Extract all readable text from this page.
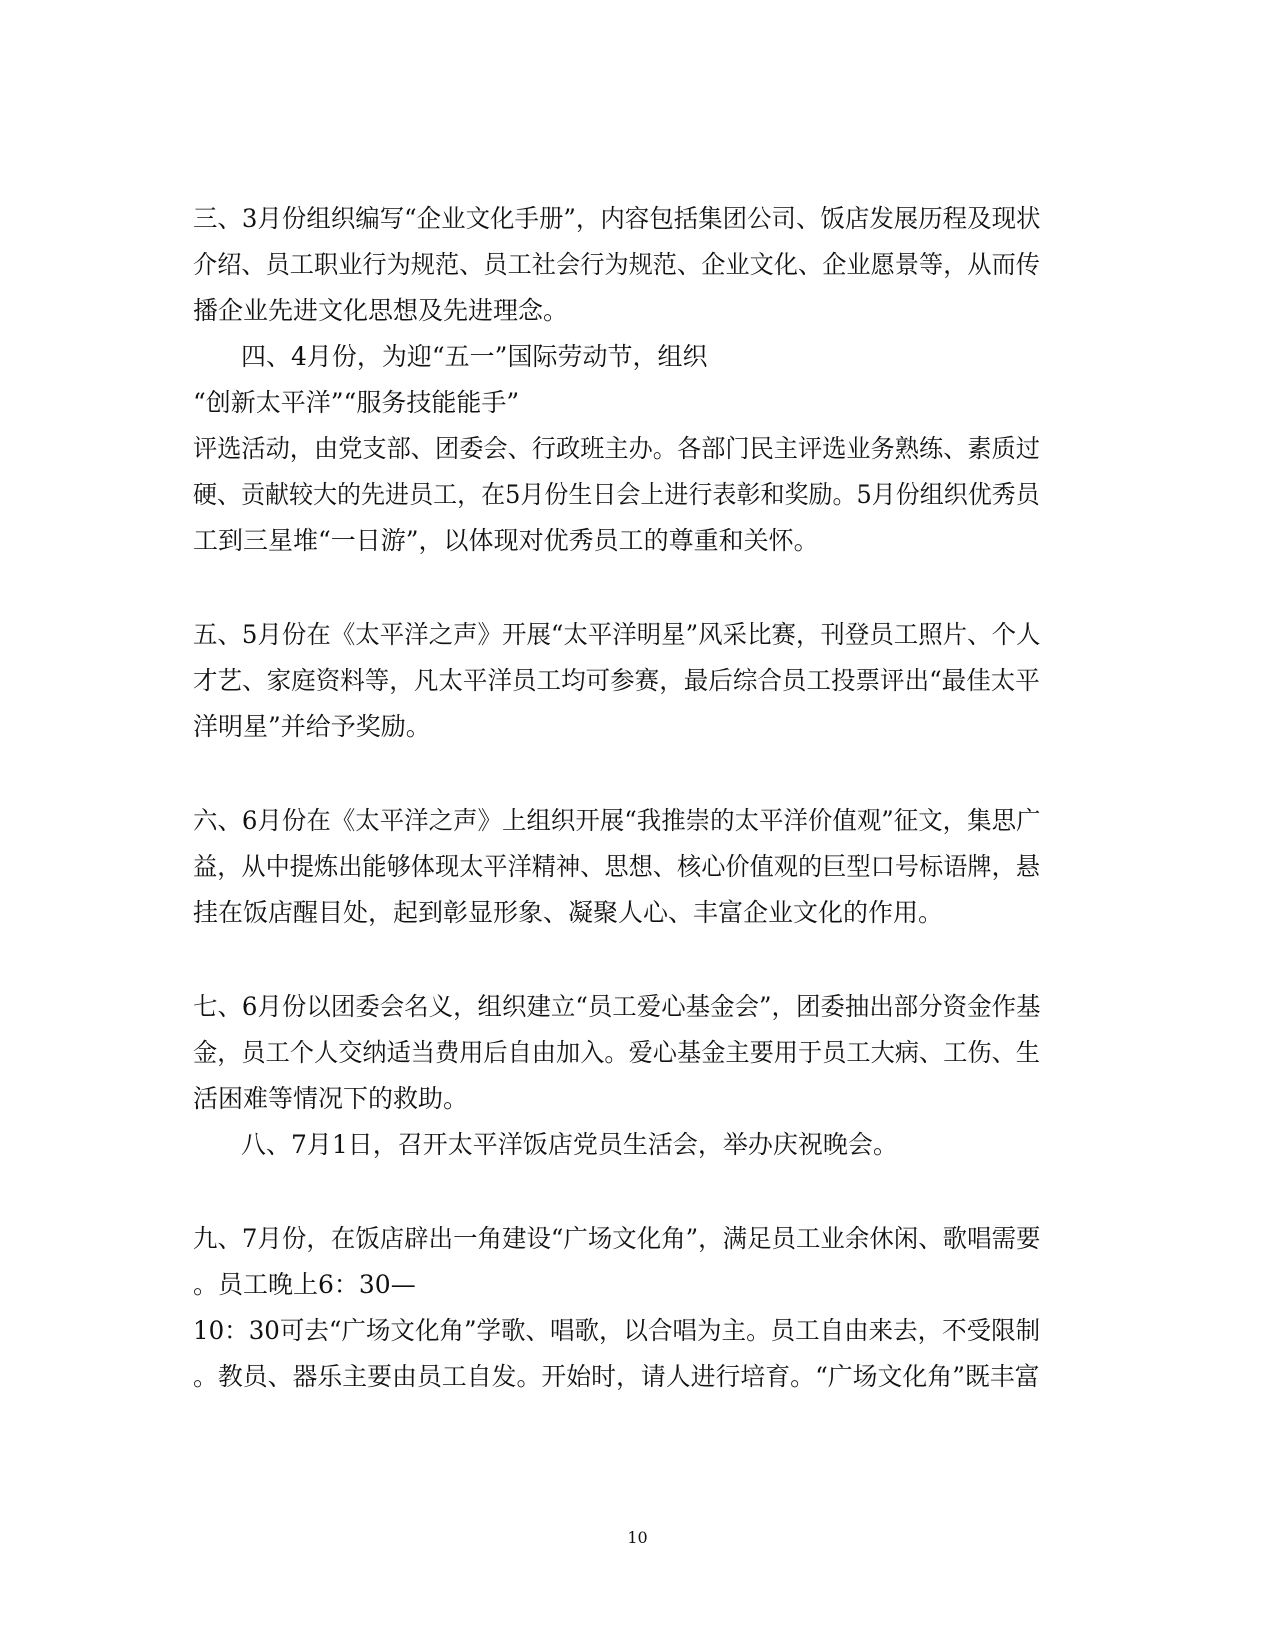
三、3月份组织编写“企业文化手册”，内容包括集团公司、饭店发展历程及现状
介绍、员工职业行为规范、员工社会行为规范、企业文化、企业愿景等，从而传
播企业先进文化思想及先进理念。
四、4月份，为迎“五一”国际劳动节，组织
“创新太平洋”“服务技能能手”
评选活动，由党支部、团委会、行政班主办。各部门民主评选业务熟练、素质过
硬、贡献较大的先进员工，在5月份生日会上进行表彰和奖励。5月份组织优秀员
工到三星堆“一日游”，以体现对优秀员工的尊重和关怀。
五、5月份在《太平洋之声》开展“太平洋明星”风采比赛，刊登员工照片、个人
才艺、家庭资料等，凡太平洋员工均可参赛，最后综合员工投票评出“最佳太平
洋明星”并给予奖励。
六、6月份在《太平洋之声》上组织开展“我推崇的太平洋价值观”征文，集思广
益，从中提炼出能够体现太平洋精神、思想、核心价值观的巨型口号标语牌，悬
挂在饭店醒目处，起到彰显形象、凝聚人心、丰富企业文化的作用。
七、6月份以团委会名义，组织建立“员工爱心基金会”，团委抽出部分资金作基
金，员工个人交纳适当费用后自由加入。爱心基金主要用于员工大病、工伤、生
活困难等情况下的救助。
八、7月1日，召开太平洋饭店党员生活会，举办庆祝晚会。
九、7月份，在饭店辟出一角建设“广场文化角”，满足员工业余休闲、歌唱需要
。员工晚上6：30—
10：30可去“广场文化角”学歌、唱歌，以合唱为主。员工自由来去，不受限制
。教员、器乐主要由员工自发。开始时，请人进行培育。“广场文化角”既丰富
10
